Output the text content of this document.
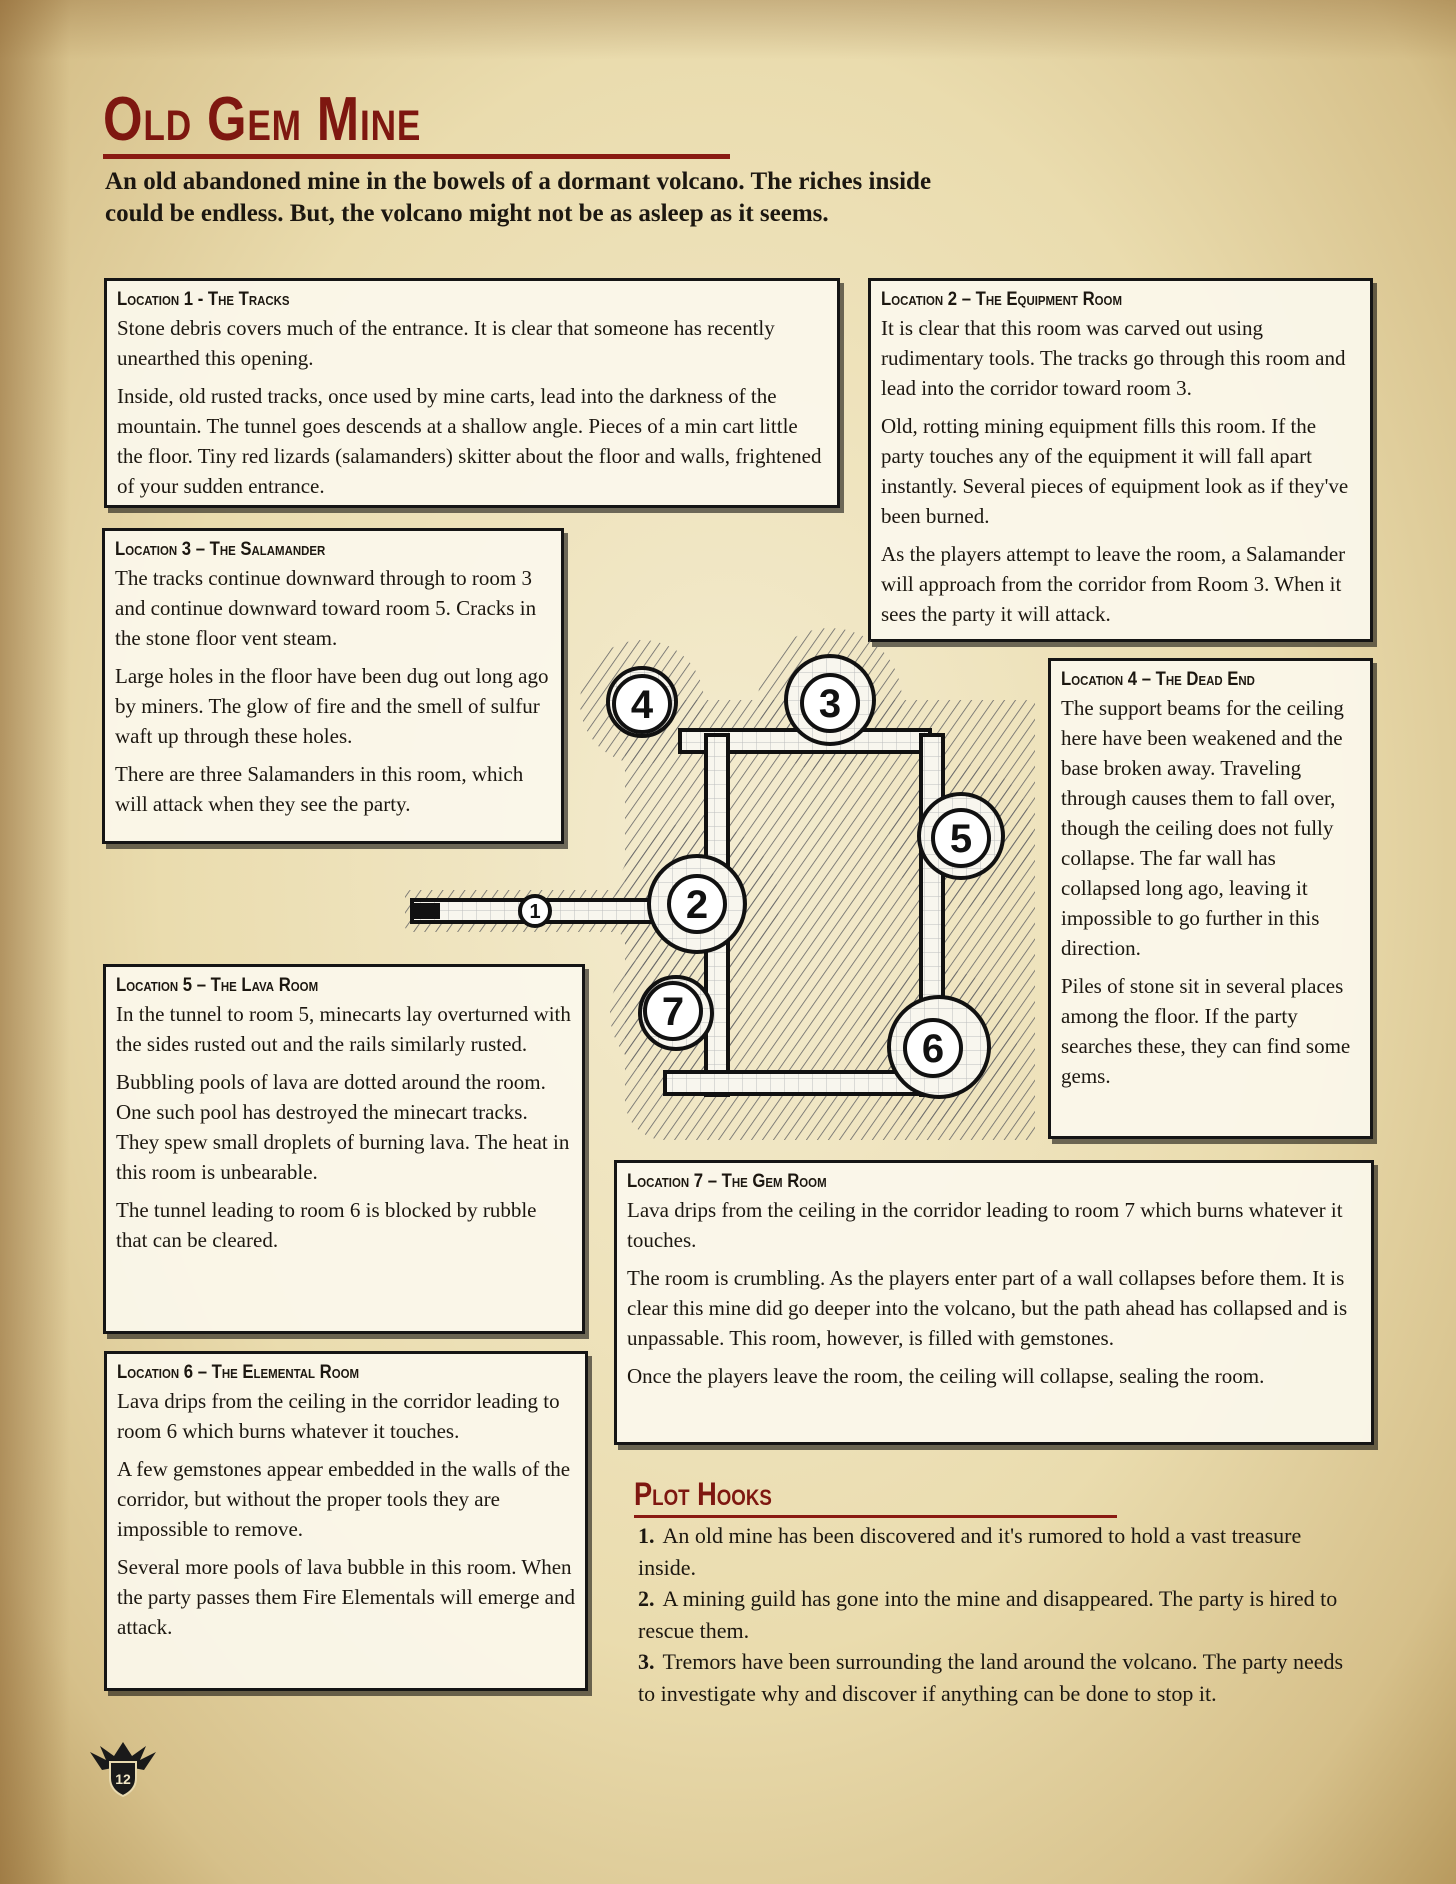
Old Gem Mine
An old abandoned mine in the bowels of a dormant volcano. The riches inside could be endless. But, the volcano might not be as asleep as it seems.
Location 1 - The Tracks

Stone debris covers much of the entrance. It is clear that someone has recently unearthed this opening.

Inside, old rusted tracks, once used by mine carts, lead into the darkness of the mountain. The tunnel goes descends at a shallow angle. Pieces of a min cart little the floor. Tiny red lizards (salamanders) skitter about the floor and walls, frightened of your sudden entrance.

Location 2 – The Equipment Room

It is clear that this room was carved out using rudimentary tools. The tracks go through this room and lead into the corridor toward room 3.

Old, rotting mining equipment fills this room. If the party touches any of the equipment it will fall apart instantly. Several pieces of equipment look as if they've been burned.

As the players attempt to leave the room, a Salamander will approach from the corridor from Room 3. When it sees the party it will attack.

Location 3 – The Salamander

The tracks continue downward through to room 3 and continue downward toward room 5. Cracks in the stone floor vent steam.

Large holes in the floor have been dug out long ago by miners. The glow of fire and the smell of sulfur waft up through these holes.

There are three Salamanders in this room, which will attack when they see the party.

Location 4 – The Dead End

The support beams for the ceiling here have been weakened and the base broken away. Traveling through causes them to fall over, though the ceiling does not fully collapse. The far wall has collapsed long ago, leaving it impossible to go further in this direction.

Piles of stone sit in several places among the floor. If the party searches these, they can find some gems.

Location 5 – The Lava Room

In the tunnel to room 5, minecarts lay overturned with the sides rusted out and the rails similarly rusted.

Bubbling pools of lava are dotted around the room. One such pool has destroyed the minecart tracks. They spew small droplets of burning lava. The heat in this room is unbearable.

The tunnel leading to room 6 is blocked by rubble that can be cleared.

Location 7 – The Gem Room

Lava drips from the ceiling in the corridor leading to room 7 which burns whatever it touches.

The room is crumbling. As the players enter part of a wall collapses before them. It is clear this mine did go deeper into the volcano, but the path ahead has collapsed and is unpassable. This room, however, is filled with gemstones.

Once the players leave the room, the ceiling will collapse, sealing the room.

Location 6 – The Elemental Room

Lava drips from the ceiling in the corridor leading to room 6 which burns whatever it touches.

A few gemstones appear embedded in the walls of the corridor, but without the proper tools they are impossible to remove.

Several more pools of lava bubble in this room. When the party passes them Fire Elementals will emerge and attack.

1	2
3
4
5
6
7
Plot Hooks

1. An old mine has been discovered and it's rumored to hold a vast treasure inside.

2. A mining guild has gone into the mine and disappeared. The party is hired to rescue them.

3. Tremors have been surrounding the land around the volcano. The party needs to investigate why and discover if anything can be done to stop it.

12
